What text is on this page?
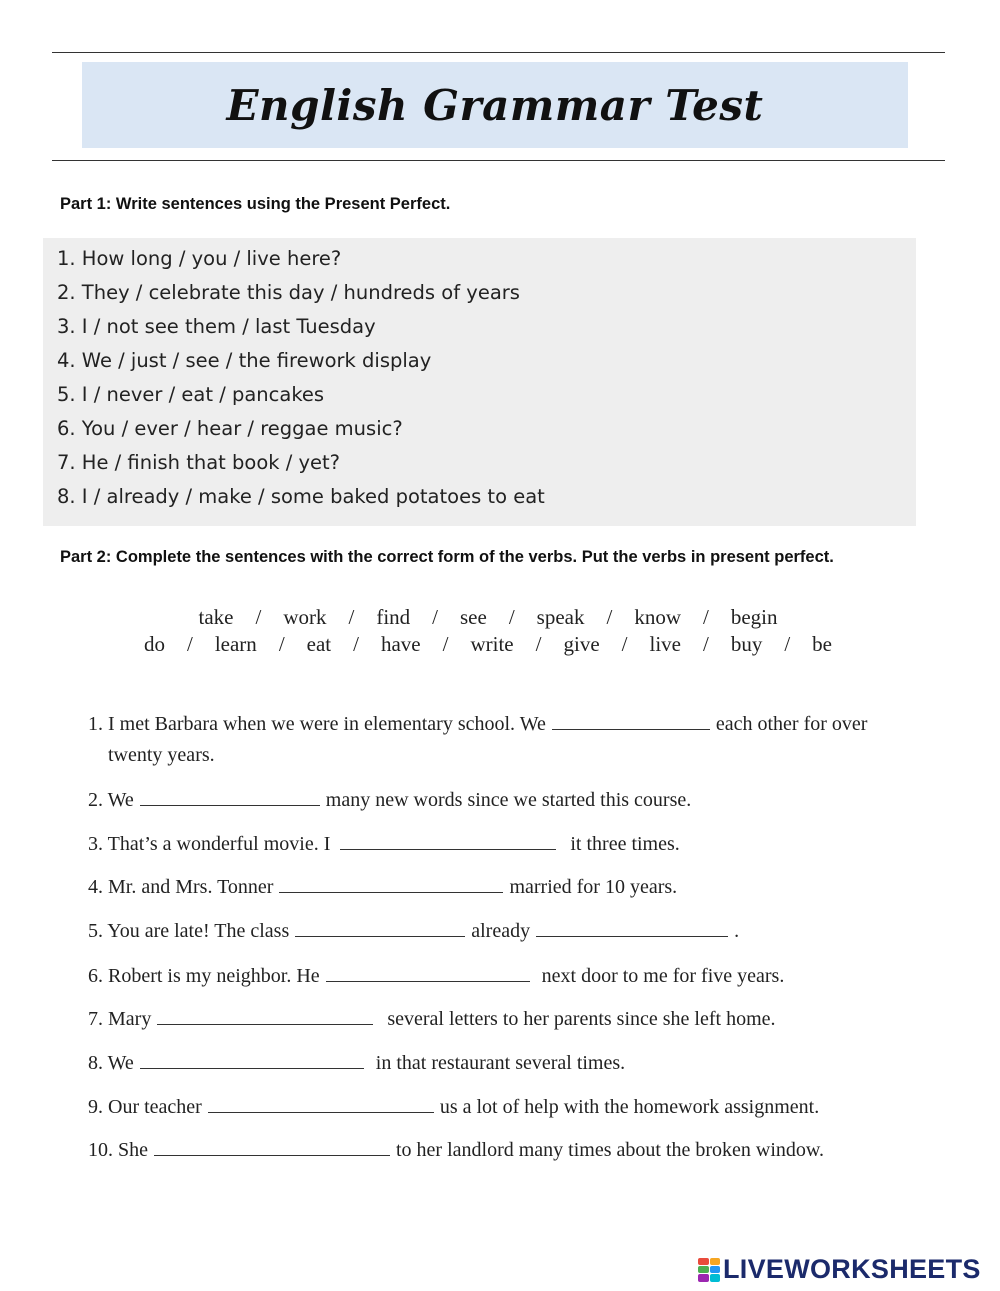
English Grammar Test
Part 1: Write sentences using the Present Perfect.
1. How long / you / live here?
2. They / celebrate this day / hundreds of years
3. I / not see them / last Tuesday
4. We / just / see / the firework display
5. I / never / eat / pancakes
6. You / ever / hear / reggae music?
7. He / finish that book / yet?
8. I / already / make / some baked potatoes to eat
Part 2: Complete the sentences with the correct form of the verbs. Put the verbs in present perfect.
take / work / find / see / speak / know / begin
do / learn / eat / have / write / give / live / buy / be
1. I met Barbara when we were in elementary school. We	each other for over
twenty years.
2. We	many new words since we started this course.
3. That’s a wonderful movie. I	it three times.
4. Mr. and Mrs. Tonner	married for 10 years.
5. You are late! The class	already	.
6. Robert is my neighbor. He	next door to me for five years.
7. Mary	several letters to her parents since she left home.
8. We	in that restaurant several times.
9. Our teacher	us a lot of help with the homework assignment.
10. She	to her landlord many times about the broken window.
LIVEWORKSHEETS
